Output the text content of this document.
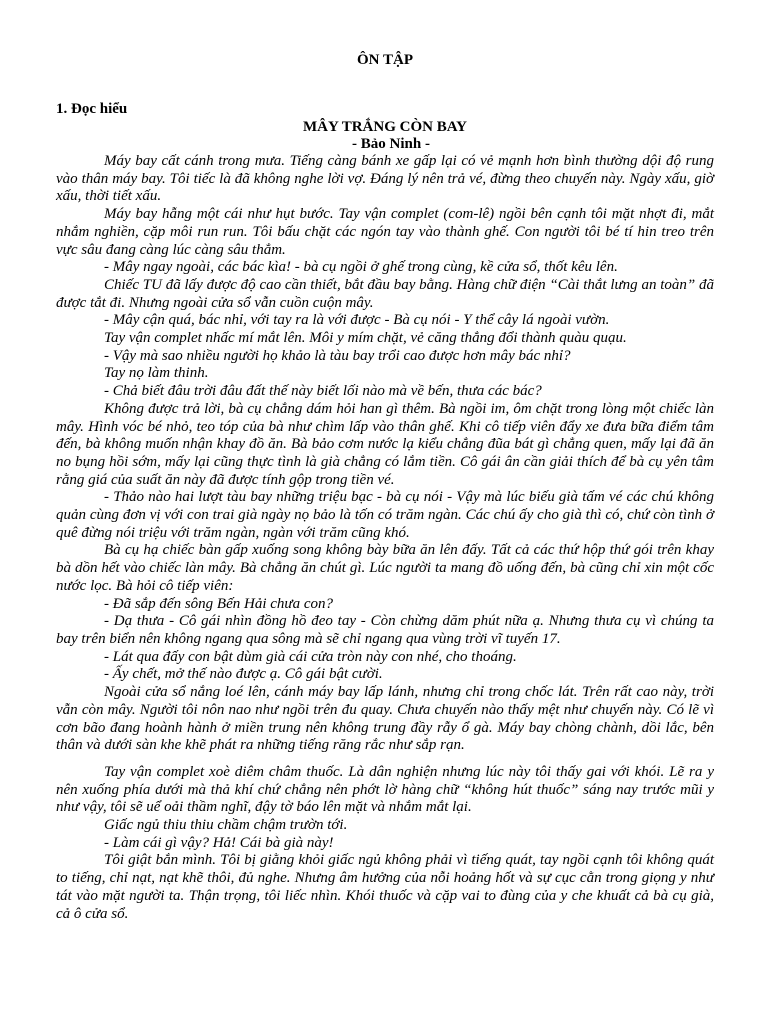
ÔN TẬP
1. Đọc hiểu
MÂY TRẮNG CÒN BAY
- Bảo Ninh -

Máy bay cất cánh trong mưa. Tiếng càng bánh xe gấp lại có vẻ mạnh hơn bình thường dội độ rung vào thân máy bay. Tôi tiếc là đã không nghe lời vợ. Đáng lý nên trả vé, đừng theo chuyến này. Ngày xấu, giờ xấu, thời tiết xấu.

Máy bay hẫng một cái như hụt bước. Tay vận complet (com-lê) ngồi bên cạnh tôi mặt nhợt đi, mắt nhắm nghiền, cặp môi run run. Tôi bấu chặt các ngón tay vào thành ghế. Con người tôi bé tí hin treo trên vực sâu đang càng lúc càng sâu thẳm.

- Mây ngay ngoài, các bác kìa! - bà cụ ngồi ở ghế trong cùng, kề cửa sổ, thốt kêu lên.

Chiếc TU đã lấy được độ cao cần thiết, bắt đầu bay bằng. Hàng chữ điện “Cài thắt lưng an toàn” đã được tắt đi. Nhưng ngoài cửa sổ vẫn cuồn cuộn mây.

- Mây cận quá, bác nhỉ, với tay ra là với được - Bà cụ nói - Y thể cây lá ngoài vườn.

Tay vận complet nhấc mí mắt lên. Môi y mím chặt, vẻ căng thẳng đổi thành quàu quạu.

- Vậy mà sao nhiều người họ khảo là tàu bay trổi cao được hơn mây bác nhỉ?

Tay nọ làm thinh.

- Chả biết đâu trời đâu đất thế này biết lối nào mà về bến, thưa các bác?

Không được trả lời, bà cụ chẳng dám hỏi han gì thêm. Bà ngồi im, ôm chặt trong lòng một chiếc làn mây. Hình vóc bé nhỏ, teo tóp của bà như chìm lấp vào thân ghế. Khi cô tiếp viên đẩy xe đưa bữa điểm tâm đến, bà không muốn nhận khay đồ ăn. Bà bảo cơm nước lạ kiểu chẳng đũa bát gì chẳng quen, mấy lại đã ăn no bụng hồi sớm, mấy lại cũng thực tình là già chẳng có lắm tiền. Cô gái ân cần giải thích để bà cụ yên tâm rằng giá của suất ăn này đã được tính gộp trong tiền vé.

- Thảo nào hai lượt tàu bay những triệu bạc - bà cụ nói - Vậy mà lúc biếu già tấm vé các chú không quản cùng đơn vị với con trai già ngày nọ bảo là tốn có trăm ngàn. Các chú ấy cho già thì có, chứ còn tình ở quê đừng nói triệu với trăm ngàn, ngàn với trăm cũng khó.

Bà cụ hạ chiếc bàn gấp xuống song không bày bữa ăn lên đấy. Tất cả các thứ hộp thứ gói trên khay bà dồn hết vào chiếc làn mây. Bà chẳng ăn chút gì. Lúc người ta mang đồ uống đến, bà cũng chỉ xin một cốc nước lọc. Bà hỏi cô tiếp viên:

- Đã sắp đến sông Bến Hải chưa con?

- Dạ thưa - Cô gái nhìn đồng hồ đeo tay - Còn chừng dăm phút nữa ạ. Nhưng thưa cụ vì chúng ta bay trên biển nên không ngang qua sông mà sẽ chỉ ngang qua vùng trời vĩ tuyến 17.

- Lát qua đấy con bật dùm già cái cửa tròn này con nhé, cho thoáng.

- Ấy chết, mở thế nào được ạ. Cô gái bật cười.

Ngoài cửa sổ nắng loé lên, cánh máy bay lấp lánh, nhưng chỉ trong chốc lát. Trên rất cao này, trời vẫn còn mây. Người tôi nôn nao như ngồi trên đu quay. Chưa chuyến nào thấy mệt như chuyến này. Có lẽ vì cơn bão đang hoành hành ở miền trung nên không trung đầy rẫy ổ gà. Máy bay chòng chành, dồi lắc, bên thân và dưới sàn khe khẽ phát ra những tiếng răng rắc như sắp rạn.

Tay vận complet xoè diêm châm thuốc. Là dân nghiện nhưng lúc này tôi thấy gai với khói. Lẽ ra y nên xuống phía dưới mà thả khí chứ chẳng nên phớt lờ hàng chữ “không hút thuốc” sáng nay trước mũi y như vậy, tôi sẽ uể oải thầm nghĩ, đậy tờ báo lên mặt và nhắm mắt lại.

Giấc ngủ thiu thiu chầm chậm trườn tới.

- Làm cái gì vậy? Hả! Cái bà già này!

Tôi giật bắn mình. Tôi bị giằng khỏi giấc ngủ không phải vì tiếng quát, tay ngồi cạnh tôi không quát to tiếng, chỉ nạt, nạt khẽ thôi, đủ nghe. Nhưng âm hưởng của nỗi hoảng hốt và sự cục cằn trong giọng y như tát vào mặt người ta. Thận trọng, tôi liếc nhìn. Khói thuốc và cặp vai to đùng của y che khuất cả bà cụ già, cả ô cửa sổ.
